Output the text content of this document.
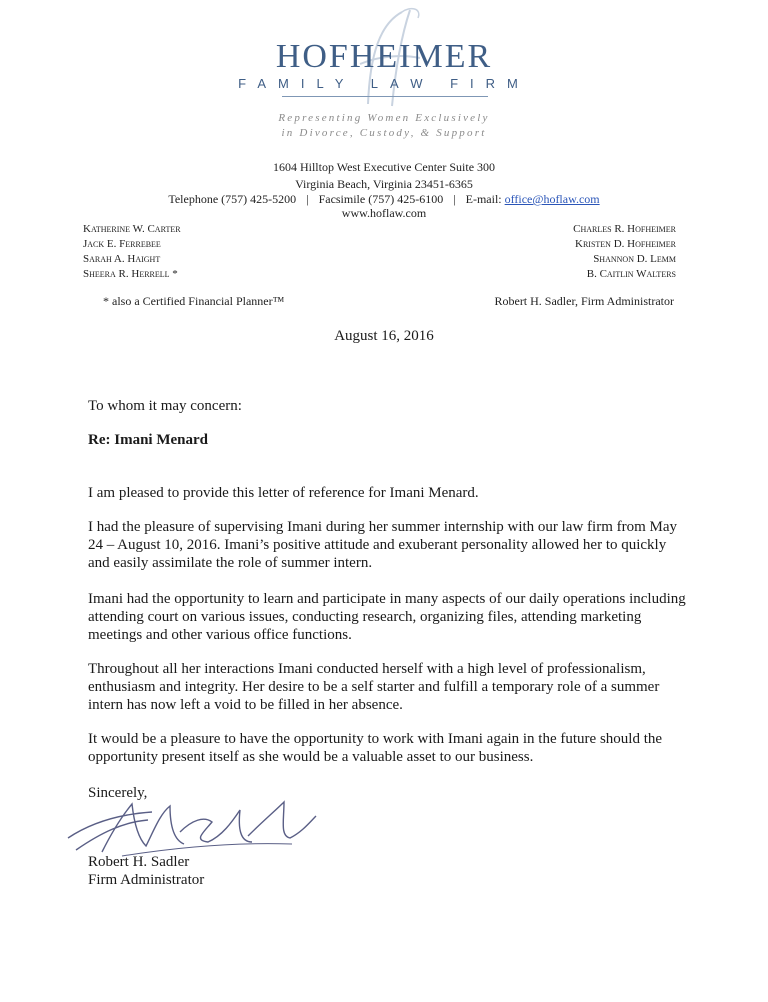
HOFHEIMER
FAMILY LAW FIRM
Representing Women Exclusively
in Divorce, Custody, & Support
1604 Hilltop West Executive Center Suite 300
Virginia Beach, Virginia 23451-6365
Telephone (757) 425-5200 | Facsimile (757) 425-6100 | E-mail: office@hoflaw.com
www.hoflaw.com
Katherine W. Carter
Jack E. Ferrebee
Sarah A. Haight
Sheera R. Herrell *
Charles R. Hofheimer
Kristen D. Hofheimer
Shannon D. Lemm
B. Caitlin Walters
* also a Certified Financial Planner™	Robert H. Sadler, Firm Administrator
August 16, 2016
To whom it may concern:
Re: Imani Menard
I am pleased to provide this letter of reference for Imani Menard.
I had the pleasure of supervising Imani during her summer internship with our law firm from May 24 – August 10, 2016. Imani’s positive attitude and exuberant personality allowed her to quickly and easily assimilate the role of summer intern.
Imani had the opportunity to learn and participate in many aspects of our daily operations including attending court on various issues, conducting research, organizing files, attending marketing meetings and other various office functions.
Throughout all her interactions Imani conducted herself with a high level of professionalism, enthusiasm and integrity. Her desire to be a self starter and fulfill a temporary role of a summer intern has now left a void to be filled in her absence.
It would be a pleasure to have the opportunity to work with Imani again in the future should the opportunity present itself as she would be a valuable asset to our business.
Sincerely,
Robert H. Sadler
Firm Administrator
